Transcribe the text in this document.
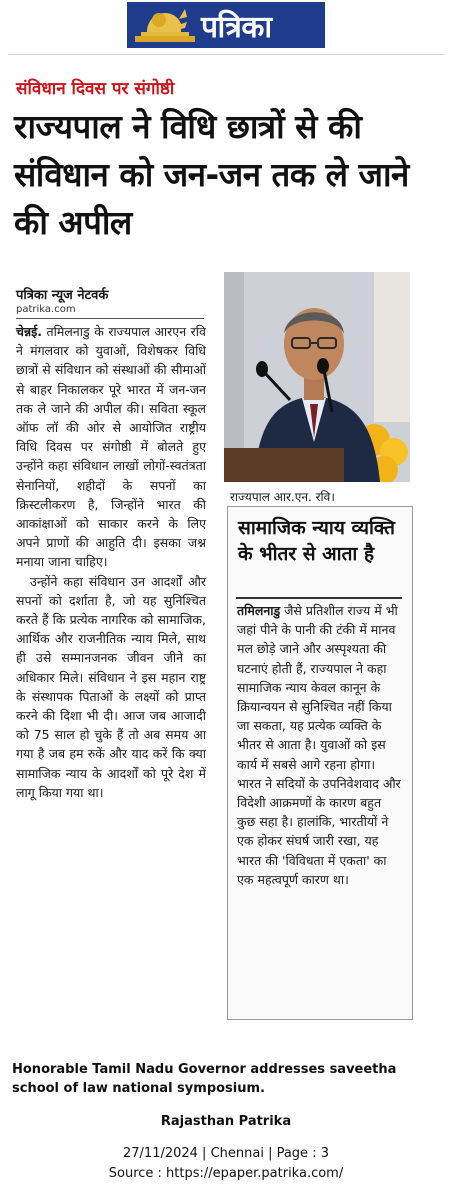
पत्रिका
संविधान दिवस पर संगोष्ठी
राज्यपाल ने विधि छात्रों से की संविधान को जन-जन तक ले जाने की अपील
पत्रिका न्यूज नेटवर्क
patrika.com

चेन्नई. तमिलनाडु के राज्यपाल आरएन रवि ने मंगलवार को युवाओं, विशेषकर विधि छात्रों से संविधान को संस्थाओं की सीमाओं से बाहर निकालकर पूरे भारत में जन-जन तक ले जाने की अपील की। सविता स्कूल ऑफ लॉ की ओर से आयोजित राष्ट्रीय विधि दिवस पर संगोष्ठी में बोलते हुए उन्होंने कहा संविधान लाखों लोगों-स्वतंत्रता सेनानियों, शहीदों के सपनों का क्रिस्टलीकरण है, जिन्होंने भारत की आकांक्षाओं को साकार करने के लिए अपने प्राणों की आहुति दी। इसका जश्न मनाया जाना चाहिए।

उन्होंने कहा संविधान उन आदर्शों और सपनों को दर्शाता है, जो यह सुनिश्चित करते हैं कि प्रत्येक नागरिक को सामाजिक, आर्थिक और राजनीतिक न्याय मिले, साथ ही उसे सम्मानजनक जीवन जीने का अधिकार मिले। संविधान ने इस महान राष्ट्र के संस्थापक पिताओं के लक्ष्यों को प्राप्त करने की दिशा भी दी। आज जब आजादी को 75 साल हो चुके हैं तो अब समय आ गया है जब हम रुकें और याद करें कि क्या सामाजिक न्याय के आदर्शों को पूरे देश में लागू किया गया था।

राज्यपाल आर.एन. रवि।
सामाजिक न्याय व्यक्ति के भीतर से आता है

तमिलनाडु जैसे प्रतिशील राज्य में भी जहां पीने के पानी की टंकी में मानव मल छोड़े जाने और अस्पृश्यता की घटनाएं होती हैं, राज्यपाल ने कहा सामाजिक न्याय केवल कानून के क्रियान्वयन से सुनिश्चित नहीं किया जा सकता, यह प्रत्येक व्यक्ति के भीतर से आता है। युवाओं को इस कार्य में सबसे आगे रहना होगा। भारत ने सदियों के उपनिवेशवाद और विदेशी आक्रमणों के कारण बहुत कुछ सहा है। हालांकि, भारतीयों ने एक होकर संघर्ष जारी रखा, यह भारत की 'विविधता में एकता' का एक महत्वपूर्ण कारण था।

Honorable Tamil Nadu Governor addresses saveetha school of law national symposium.
Rajasthan Patrika
27/11/2024 | Chennai | Page : 3
Source : https://epaper.patrika.com/
